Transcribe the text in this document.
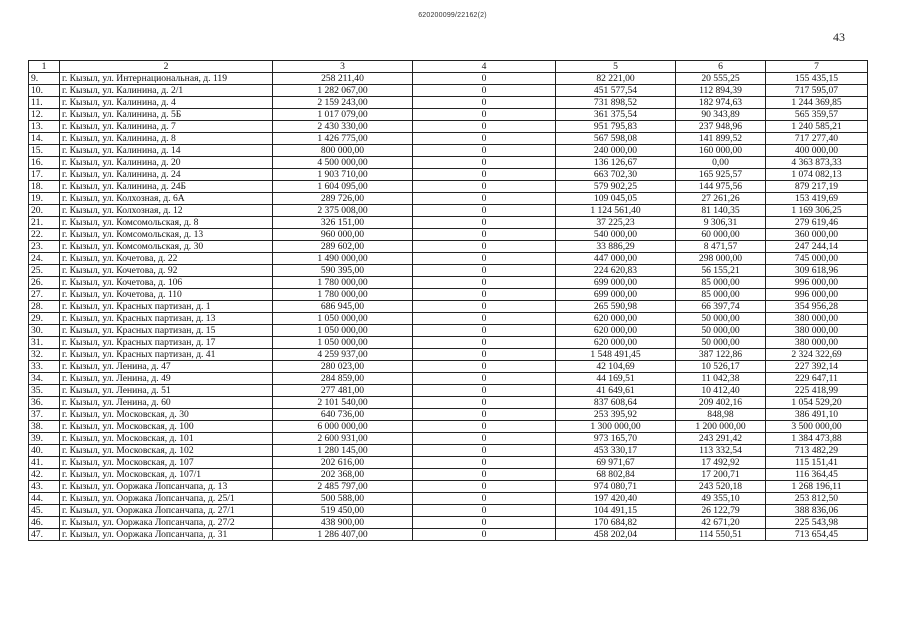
620200099/22162(2)
43
1	2	3	4	5	6	7
9.	г. Кызыл, ул. Интернациональная, д. 119	258 211,40	0	82 221,00	20 555,25	155 435,15
10.	г. Кызыл, ул. Калинина, д. 2/1	1 282 067,00	0	451 577,54	112 894,39	717 595,07
11.	г. Кызыл, ул. Калинина, д. 4	2 159 243,00	0	731 898,52	182 974,63	1 244 369,85
12.	г. Кызыл, ул. Калинина, д. 5Б	1 017 079,00	0	361 375,54	90 343,89	565 359,57
13.	г. Кызыл, ул. Калинина, д. 7	2 430 330,00	0	951 795,83	237 948,96	1 240 585,21
14.	г. Кызыл, ул. Калинина, д. 8	1 426 775,00	0	567 598,08	141 899,52	717 277,40
15.	г. Кызыл, ул. Калинина, д. 14	800 000,00	0	240 000,00	160 000,00	400 000,00
16.	г. Кызыл, ул. Калинина, д. 20	4 500 000,00	0	136 126,67	0,00	4 363 873,33
17.	г. Кызыл, ул. Калинина, д. 24	1 903 710,00	0	663 702,30	165 925,57	1 074 082,13
18.	г. Кызыл, ул. Калинина, д. 24Б	1 604 095,00	0	579 902,25	144 975,56	879 217,19
19.	г. Кызыл, ул. Колхозная, д. 6А	289 726,00	0	109 045,05	27 261,26	153 419,69
20.	г. Кызыл, ул. Колхозная, д. 12	2 375 008,00	0	1 124 561,40	81 140,35	1 169 306,25
21.	г. Кызыл, ул. Комсомольская, д. 8	326 151,00	0	37 225,23	9 306,31	279 619,46
22.	г. Кызыл, ул. Комсомольская, д. 13	960 000,00	0	540 000,00	60 000,00	360 000,00
23.	г. Кызыл, ул. Комсомольская, д. 30	289 602,00	0	33 886,29	8 471,57	247 244,14
24.	г. Кызыл, ул. Кочетова, д. 22	1 490 000,00	0	447 000,00	298 000,00	745 000,00
25.	г. Кызыл, ул. Кочетова, д. 92	590 395,00	0	224 620,83	56 155,21	309 618,96
26.	г. Кызыл, ул. Кочетова, д. 106	1 780 000,00	0	699 000,00	85 000,00	996 000,00
27.	г. Кызыл, ул. Кочетова, д. 110	1 780 000,00	0	699 000,00	85 000,00	996 000,00
28.	г. Кызыл, ул. Красных партизан, д. 1	686 945,00	0	265 590,98	66 397,74	354 956,28
29.	г. Кызыл, ул. Красных партизан, д. 13	1 050 000,00	0	620 000,00	50 000,00	380 000,00
30.	г. Кызыл, ул. Красных партизан, д. 15	1 050 000,00	0	620 000,00	50 000,00	380 000,00
31.	г. Кызыл, ул. Красных партизан, д. 17	1 050 000,00	0	620 000,00	50 000,00	380 000,00
32.	г. Кызыл, ул. Красных партизан, д. 41	4 259 937,00	0	1 548 491,45	387 122,86	2 324 322,69
33.	г. Кызыл, ул. Ленина, д. 47	280 023,00	0	42 104,69	10 526,17	227 392,14
34.	г. Кызыл, ул. Ленина, д. 49	284 859,00	0	44 169,51	11 042,38	229 647,11
35.	г. Кызыл, ул. Ленина, д. 51	277 481,00	0	41 649,61	10 412,40	225 418,99
36.	г. Кызыл, ул. Ленина, д. 60	2 101 540,00	0	837 608,64	209 402,16	1 054 529,20
37.	г. Кызыл, ул. Московская, д. 30	640 736,00	0	253 395,92	848,98	386 491,10
38.	г. Кызыл, ул. Московская, д. 100	6 000 000,00	0	1 300 000,00	1 200 000,00	3 500 000,00
39.	г. Кызыл, ул. Московская, д. 101	2 600 931,00	0	973 165,70	243 291,42	1 384 473,88
40.	г. Кызыл, ул. Московская, д. 102	1 280 145,00	0	453 330,17	113 332,54	713 482,29
41.	г. Кызыл, ул. Московская, д. 107	202 616,00	0	69 971,67	17 492,92	115 151,41
42.	г. Кызыл, ул. Московская, д. 107/1	202 368,00	0	68 802,84	17 200,71	116 364,45
43.	г. Кызыл, ул. Ооржака Лопсанчапа, д. 13	2 485 797,00	0	974 080,71	243 520,18	1 268 196,11
44.	г. Кызыл, ул. Ооржака Лопсанчапа, д. 25/1	500 588,00	0	197 420,40	49 355,10	253 812,50
45.	г. Кызыл, ул. Ооржака Лопсанчапа, д. 27/1	519 450,00	0	104 491,15	26 122,79	388 836,06
46.	г. Кызыл, ул. Ооржака Лопсанчапа, д. 27/2	438 900,00	0	170 684,82	42 671,20	225 543,98
47.	г. Кызыл, ул. Ооржака Лопсанчапа, д. 31	1 286 407,00	0	458 202,04	114 550,51	713 654,45
